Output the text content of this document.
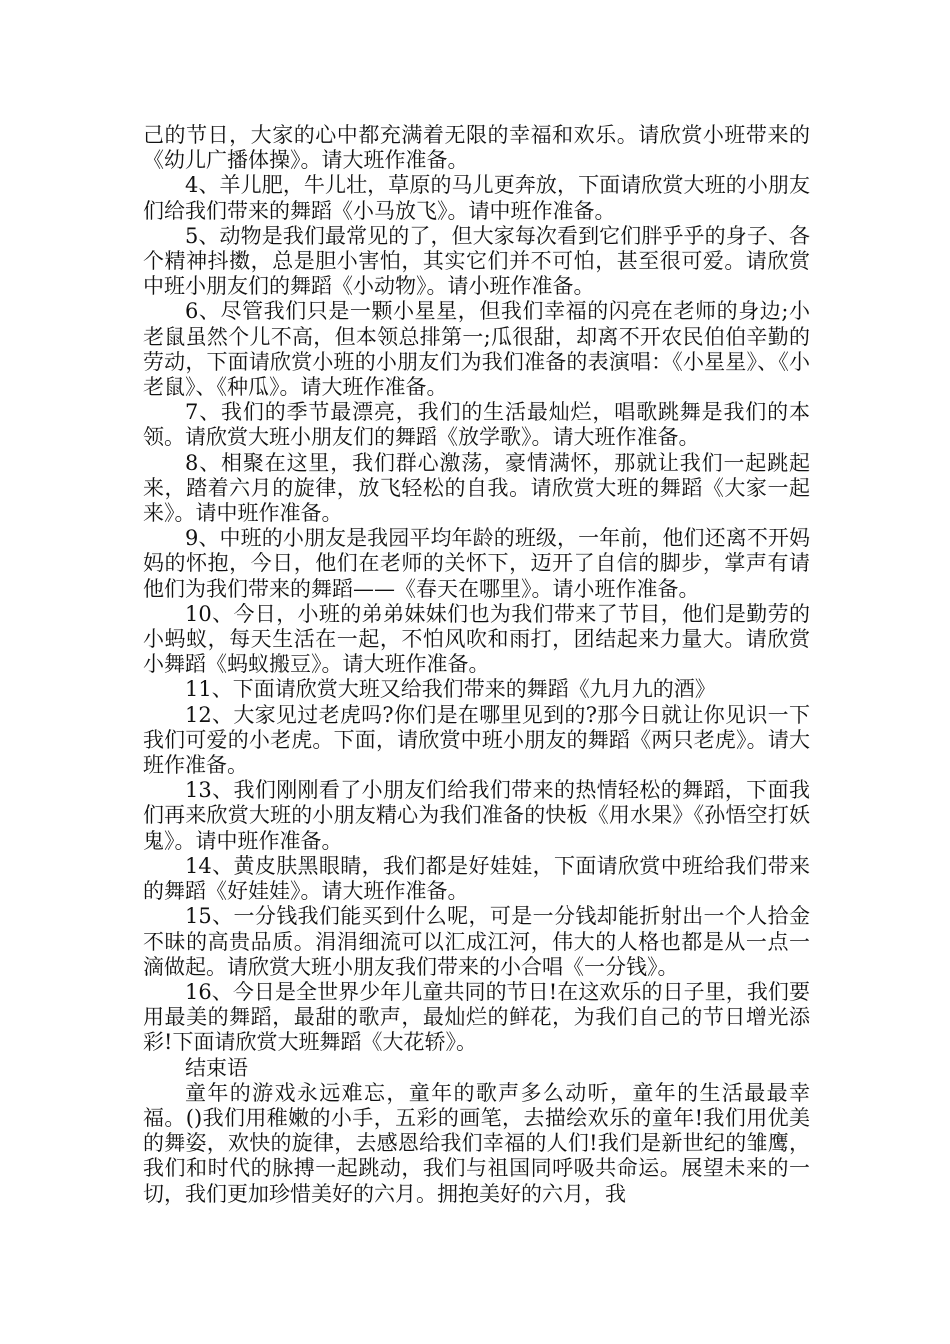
己的节日，大家的心中都充满着无限的幸福和欢乐。请欣赏小班带来的《幼儿广播体操》。请大班作准备。

4、羊儿肥，牛儿壮，草原的马儿更奔放，下面请欣赏大班的小朋友们给我们带来的舞蹈《小马放飞》。请中班作准备。

5、动物是我们最常见的了，但大家每次看到它们胖乎乎的身子、各个精神抖擞，总是胆小害怕，其实它们并不可怕，甚至很可爱。请欣赏中班小朋友们的舞蹈《小动物》。请小班作准备。

6、尽管我们只是一颗小星星，但我们幸福的闪亮在老师的身边;小老鼠虽然个儿不高，但本领总排第一;瓜很甜，却离不开农民伯伯辛勤的劳动，下面请欣赏小班的小朋友们为我们准备的表演唱：《小星星》、《小老鼠》、《种瓜》。请大班作准备。

7、我们的季节最漂亮，我们的生活最灿烂，唱歌跳舞是我们的本领。请欣赏大班小朋友们的舞蹈《放学歌》。请大班作准备。

8、相聚在这里，我们群心激荡，豪情满怀，那就让我们一起跳起来，踏着六月的旋律，放飞轻松的自我。请欣赏大班的舞蹈《大家一起来》。请中班作准备。

9、中班的小朋友是我园平均年龄的班级，一年前，他们还离不开妈妈的怀抱，今日，他们在老师的关怀下，迈开了自信的脚步，掌声有请他们为我们带来的舞蹈——《春天在哪里》。请小班作准备。

10、今日，小班的弟弟妹妹们也为我们带来了节目，他们是勤劳的小蚂蚁，每天生活在一起，不怕风吹和雨打，团结起来力量大。请欣赏小舞蹈《蚂蚁搬豆》。请大班作准备。

11、下面请欣赏大班又给我们带来的舞蹈《九月九的酒》

12、大家见过老虎吗?你们是在哪里见到的?那今日就让你见识一下我们可爱的小老虎。下面，请欣赏中班小朋友的舞蹈《两只老虎》。请大班作准备。

13、我们刚刚看了小朋友们给我们带来的热情轻松的舞蹈，下面我们再来欣赏大班的小朋友精心为我们准备的快板《用水果》《孙悟空打妖鬼》。请中班作准备。

14、黄皮肤黑眼睛，我们都是好娃娃，下面请欣赏中班给我们带来的舞蹈《好娃娃》。请大班作准备。

15、一分钱我们能买到什么呢，可是一分钱却能折射出一个人拾金不昧的高贵品质。涓涓细流可以汇成江河，伟大的人格也都是从一点一滴做起。请欣赏大班小朋友我们带来的小合唱《一分钱》。

16、今日是全世界少年儿童共同的节日!在这欢乐的日子里，我们要用最美的舞蹈，最甜的歌声，最灿烂的鲜花，为我们自己的节日增光添彩!下面请欣赏大班舞蹈《大花轿》。

结束语

童年的游戏永远难忘，童年的歌声多么动听，童年的生活最最幸福。()我们用稚嫩的小手，五彩的画笔，去描绘欢乐的童年!我们用优美的舞姿，欢快的旋律，去感恩给我们幸福的人们!我们是新世纪的雏鹰，我们和时代的脉搏一起跳动，我们与祖国同呼吸共命运。展望未来的一切，我们更加珍惜美好的六月。拥抱美好的六月，我
